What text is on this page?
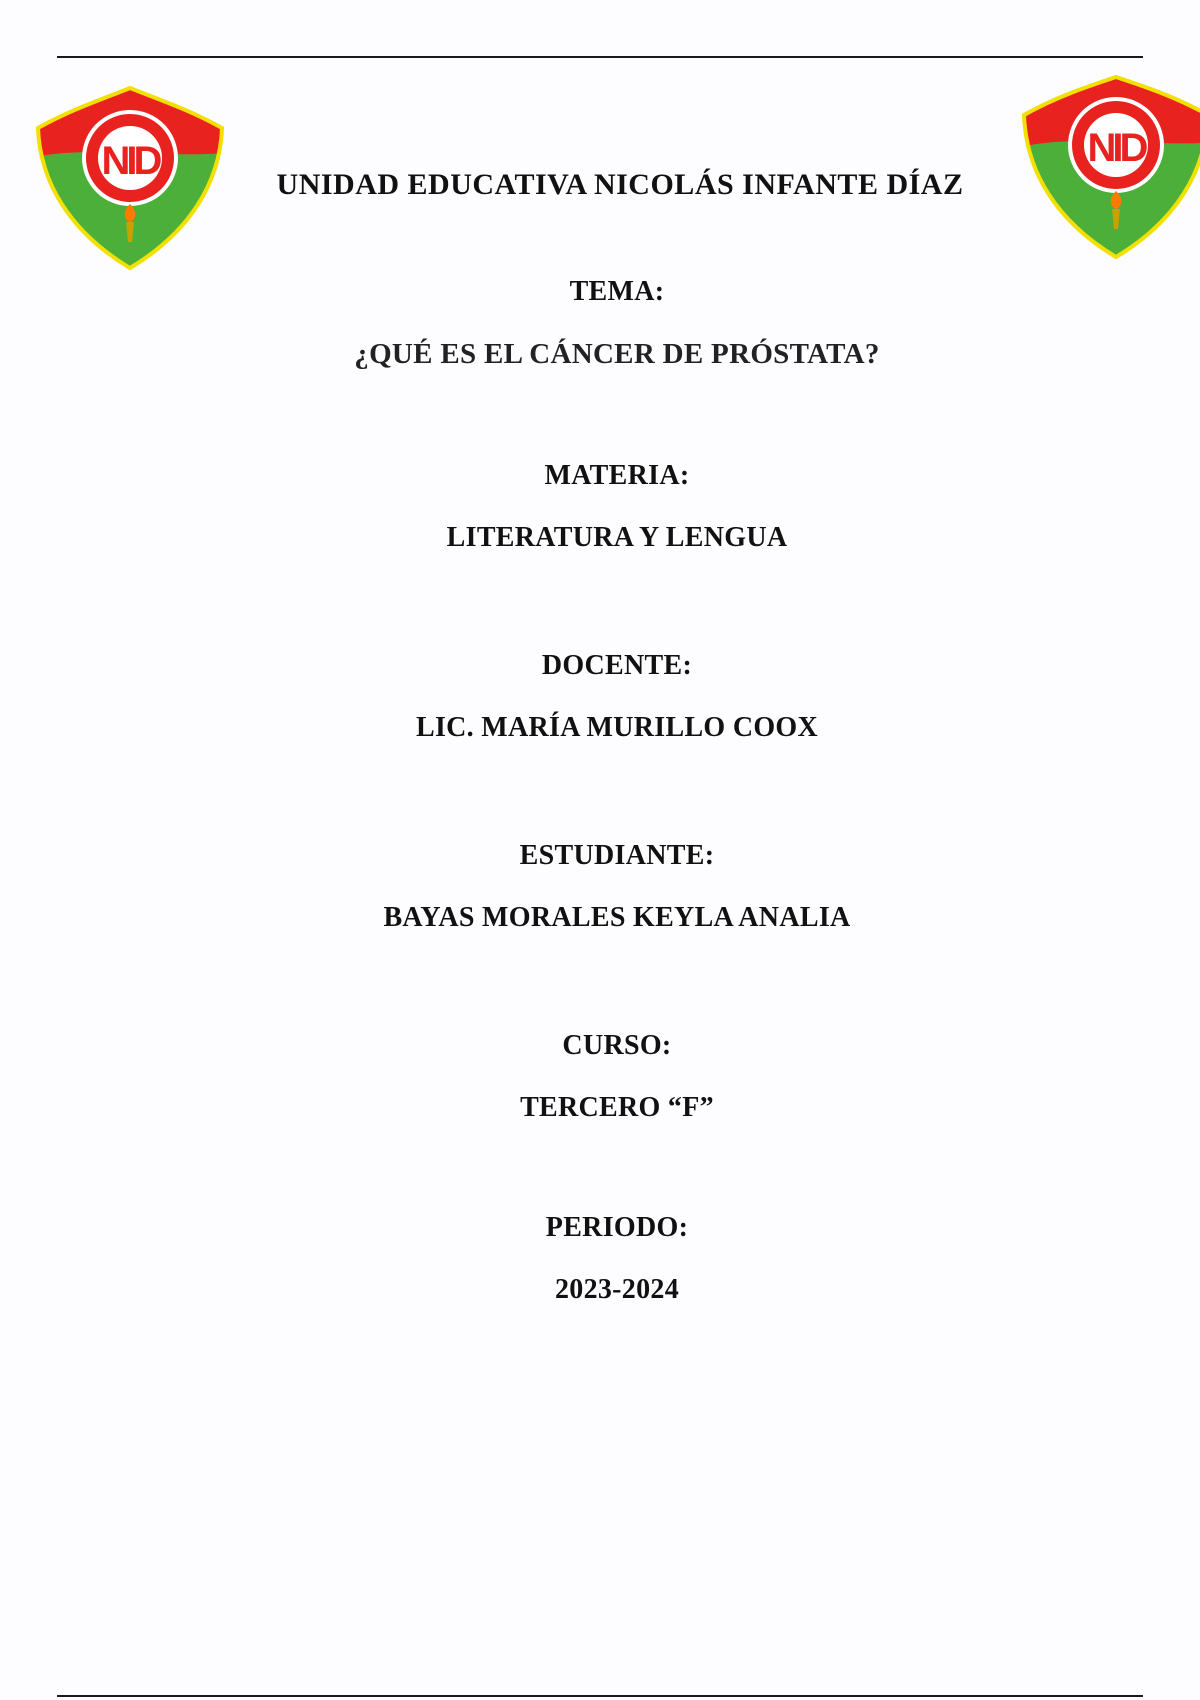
NID
UNIDAD EDUCATIVA NICOLÁS INFANTE DÍAZ
NID
TEMA:
¿QUÉ ES EL CÁNCER DE PRÓSTATA?
MATERIA:
LITERATURA Y LENGUA
DOCENTE:
LIC. MARÍA MURILLO COOX
ESTUDIANTE:
BAYAS MORALES KEYLA ANALIA
CURSO:
TERCERO “F”
PERIODO:
2023-2024
